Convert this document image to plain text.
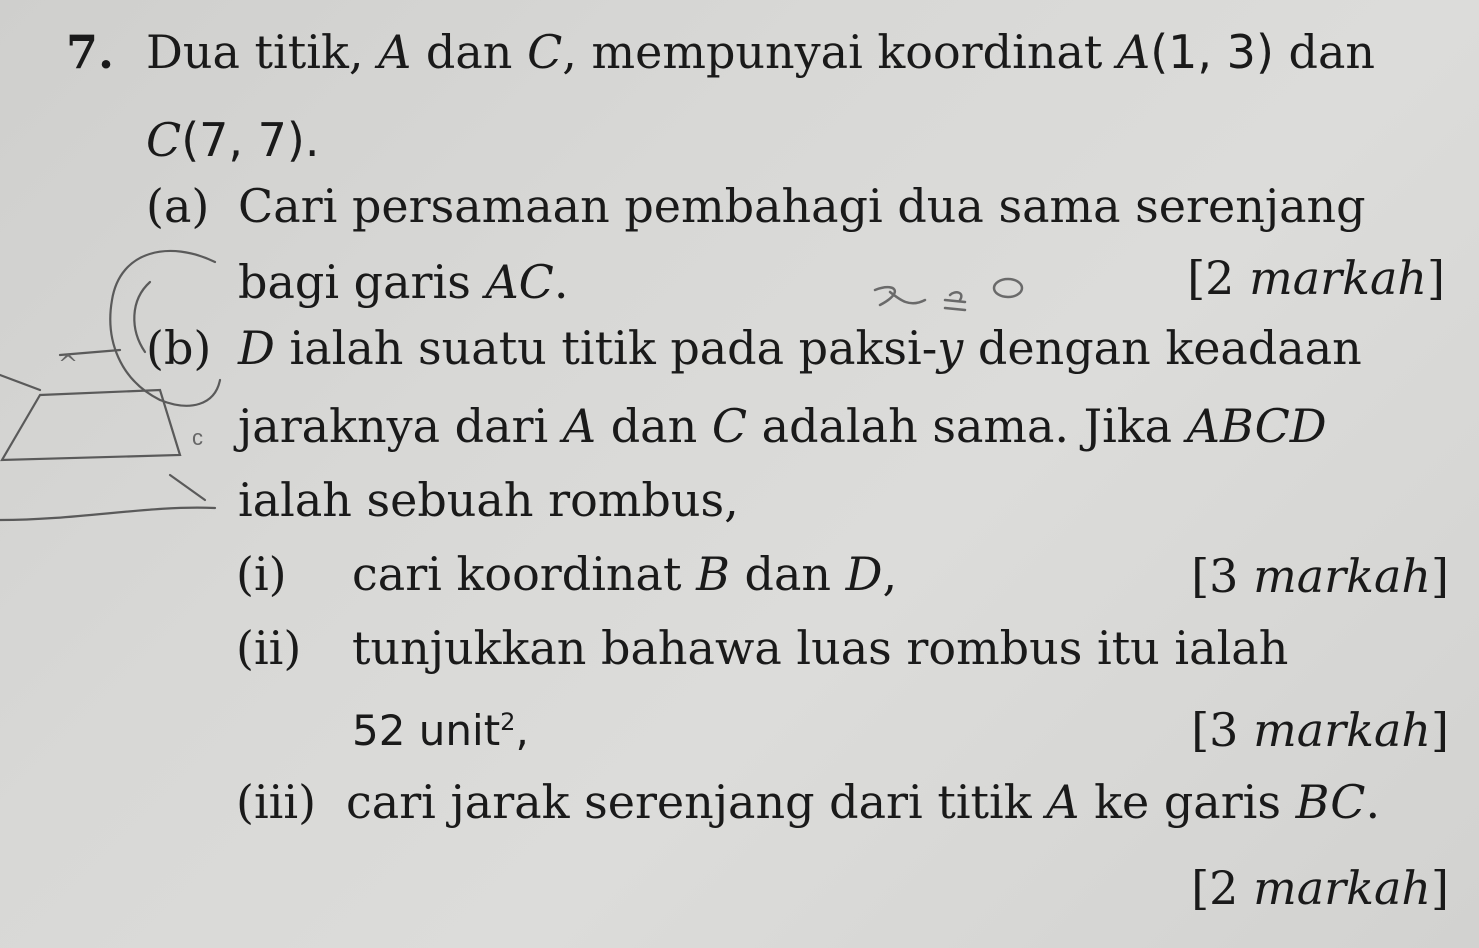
^
c
7. Dua titik, A dan C, mempunyai koordinat A(1, 3) dan
C(7, 7).
(a) Cari persamaan pembahagi dua sama serenjang
bagi garis AC.	[2 markah]
(b) D ialah suatu titik pada paksi-y dengan keadaan
jaraknya dari A dan C adalah sama. Jika ABCD
ialah sebuah rombus,
(i) cari koordinat B dan D,	[3 markah]
(ii) tunjukkan bahawa luas rombus itu ialah
52 unit$^2$,	[3 markah]
(iii) cari jarak serenjang dari titik A ke garis BC.
[2 markah]
